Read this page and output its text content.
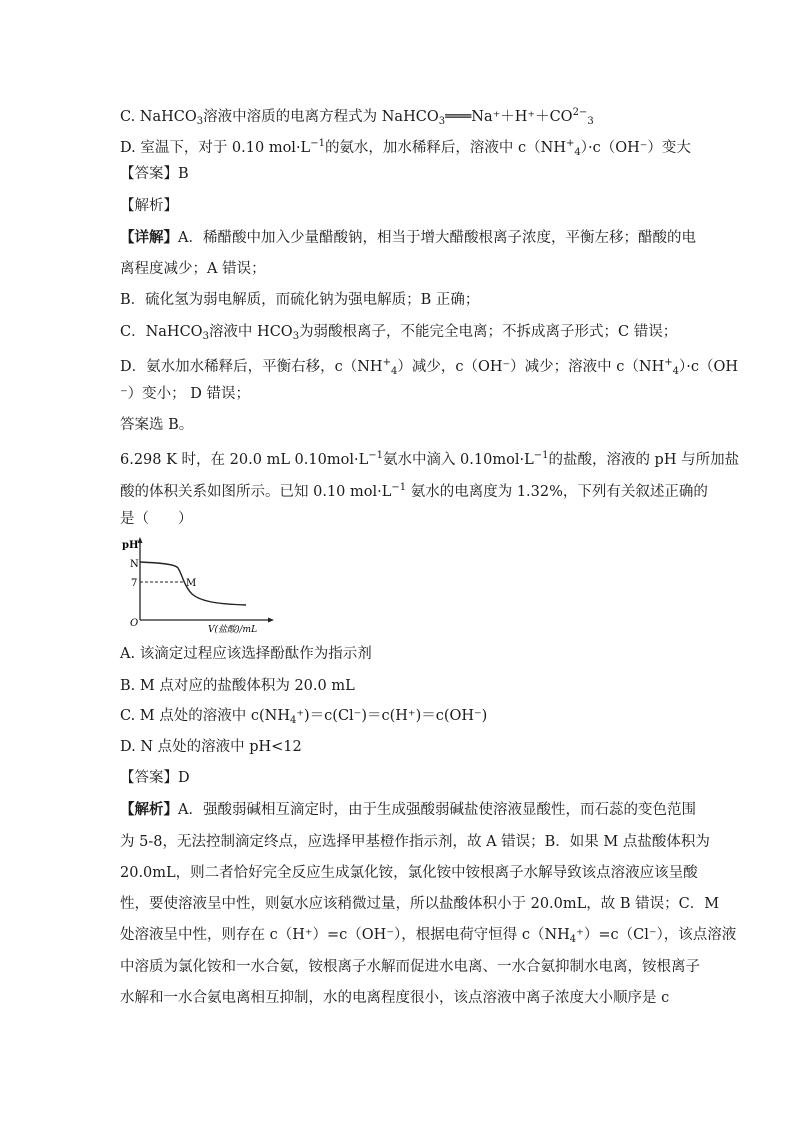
C. NaHCO$_3$溶液中溶质的电离方程式为 $NaHCO_3═══Na^++H^++CO^{2-}_3$
D. 室温下，对于 0.10 $mol\cdot L^{-1}$的氨水，加水稀释后，溶液中 $c(NH^+_4)\cdot c(OH^-)$变大
【答案】B
【解析】
【详解】A．稀醋酸中加入少量醋酸钠，相当于增大醋酸根离子浓度，平衡左移；醋酸的电
离程度减少；A 错误；
B．硫化氢为弱电解质，而硫化钠为强电解质；B 正确；
C．NaHCO$_3$溶液中 $HCO_3$为弱酸根离子，不能完全电离；不拆成离子形式；C 错误；
D．氨水加水稀释后，平衡右移，$c(NH^+_4)$减少，c（OH⁻）减少；溶液中 $c(NH^+_4)\cdot c(OH$
⁻）变小； D 错误；
答案选 B。
6.298 K 时，在 20.0 mL $0.10mol\cdot L^{-1}$氨水中滴入 $0.10mol\cdot L^{-1}$的盐酸，溶液的 pH 与所加盐
酸的体积关系如图所示。已知 0.10 $mol\cdot L^{-1}$ 氨水的电离度为 1.32%，下列有关叙述正确的
是（　　）
pH
N
7	M
O
V(盐酸)/mL
A. 该滴定过程应该选择酚酞作为指示剂
B. M 点对应的盐酸体积为 20.0 mL
C. M 点处的溶液中 $c(NH_4^+)=c(Cl^-)=c(H^+)=c(OH^-)$
D. N 点处的溶液中 pH<12
【答案】D
【解析】A．强酸弱碱相互滴定时，由于生成强酸弱碱盐使溶液显酸性，而石蕊的变色范围
为 5-8，无法控制滴定终点，应选择甲基橙作指示剂，故 A 错误；B．如果 M 点盐酸体积为
20.0mL，则二者恰好完全反应生成氯化铵，氯化铵中铵根离子水解导致该点溶液应该呈酸
性，要使溶液呈中性，则氨水应该稍微过量，所以盐酸体积小于 20.0mL，故 B 错误；C．M
处溶液呈中性，则存在 c（H⁺）=c（OH⁻），根据电荷守恒得 $c(NH_4^+)=c(Cl^-)$，该点溶液
中溶质为氯化铵和一水合氨，铵根离子水解而促进水电离、一水合氨抑制水电离，铵根离子
水解和一水合氨电离相互抑制，水的电离程度很小，该点溶液中离子浓度大小顺序是 c
